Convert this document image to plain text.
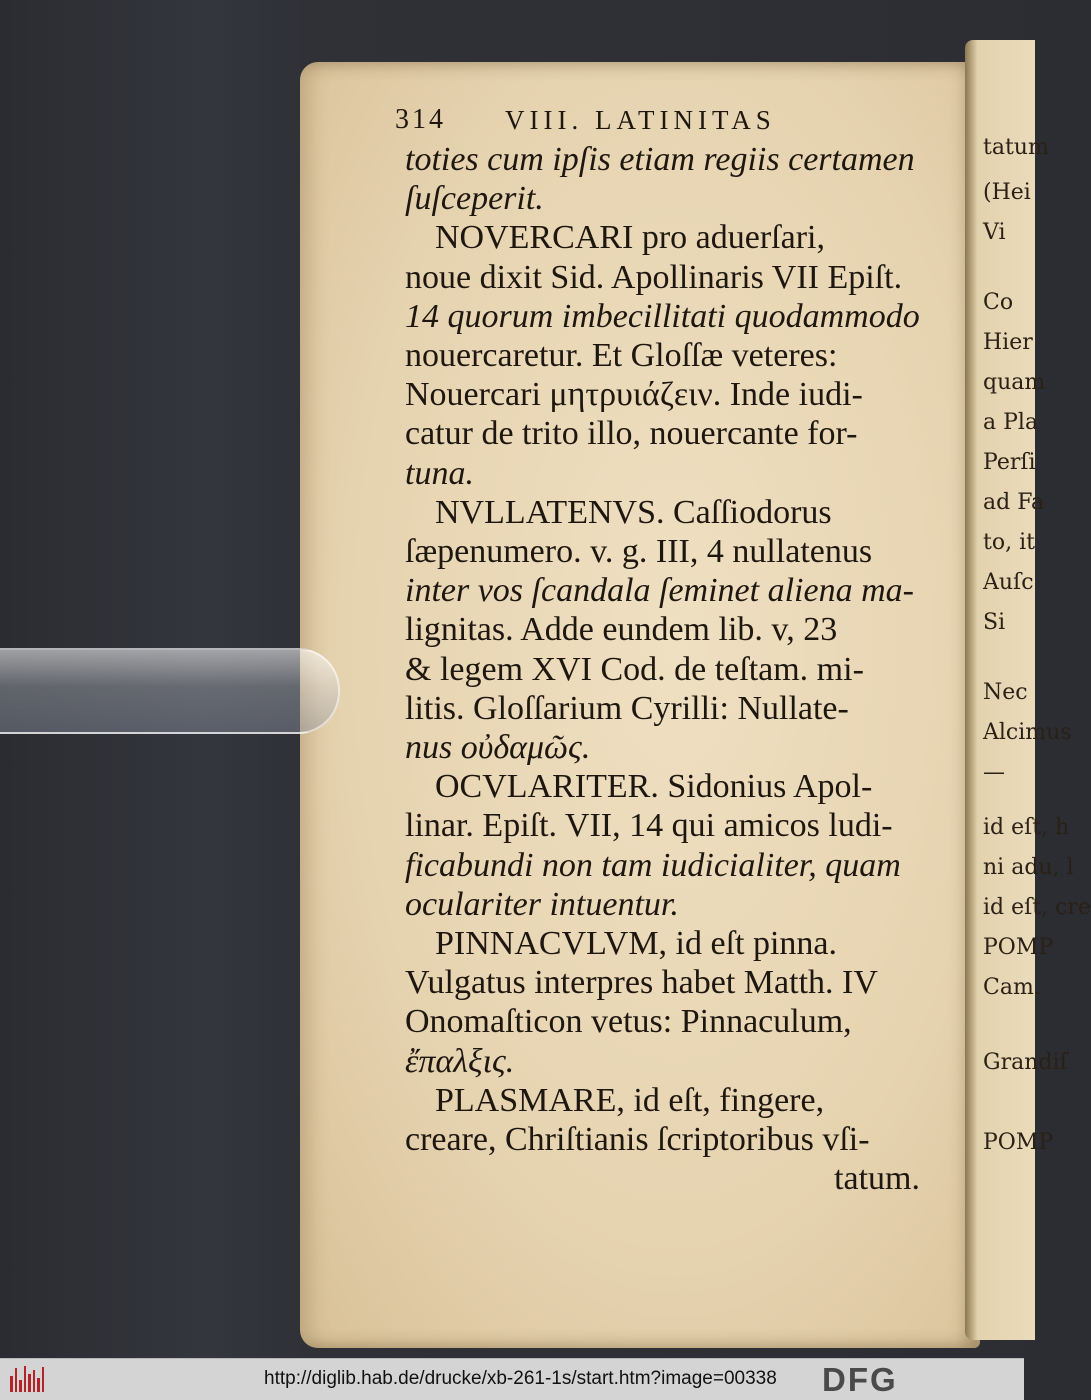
tatum
(Hei
Vi
Co
Hier
quam
a Pla
Perſi
ad Fa
to, it
Auſc
Si
Nec
Alcimus
—
id eſt, h
ni adu, l
id eſt, cre
POMP
Cam.
Grandiſ
POMP
314 VIII. LATINITAS
toties cum ipſis etiam regiis certamen
ſuſceperit.
NOVERCARI pro aduerſari,
noue dixit Sid. Apollinaris VII Epiſt.
14 quorum imbecillitati quodammodo
nouercaretur. Et Gloſſæ veteres:
Nouercari μητρυιάζειν. Inde iudi-
catur de trito illo, nouercante for-
tuna.
NVLLATENVS. Caſſiodorus
ſæpenumero. v. g. III, 4 nullatenus
inter vos ſcandala ſeminet aliena ma-
lignitas. Adde eundem lib. v, 23
& legem XVI Cod. de teſtam. mi-
litis. Gloſſarium Cyrilli: Nullate-
nus οὐδαμῶς.
OCVLARITER. Sidonius Apol-
linar. Epiſt. VII, 14 qui amicos ludi-
ficabundi non tam iudicialiter, quam
oculariter intuentur.
PINNACVLVM, id eſt pinna.
Vulgatus interpres habet Matth. IV
Onomaſticon vetus: Pinnaculum,
ἔπαλξις.
PLASMARE, id eſt, fingere,
creare, Chriſtianis ſcriptoribus vſi-
tatum.
http://diglib.hab.de/drucke/xb-261-1s/start.htm?image=00338 DFG
